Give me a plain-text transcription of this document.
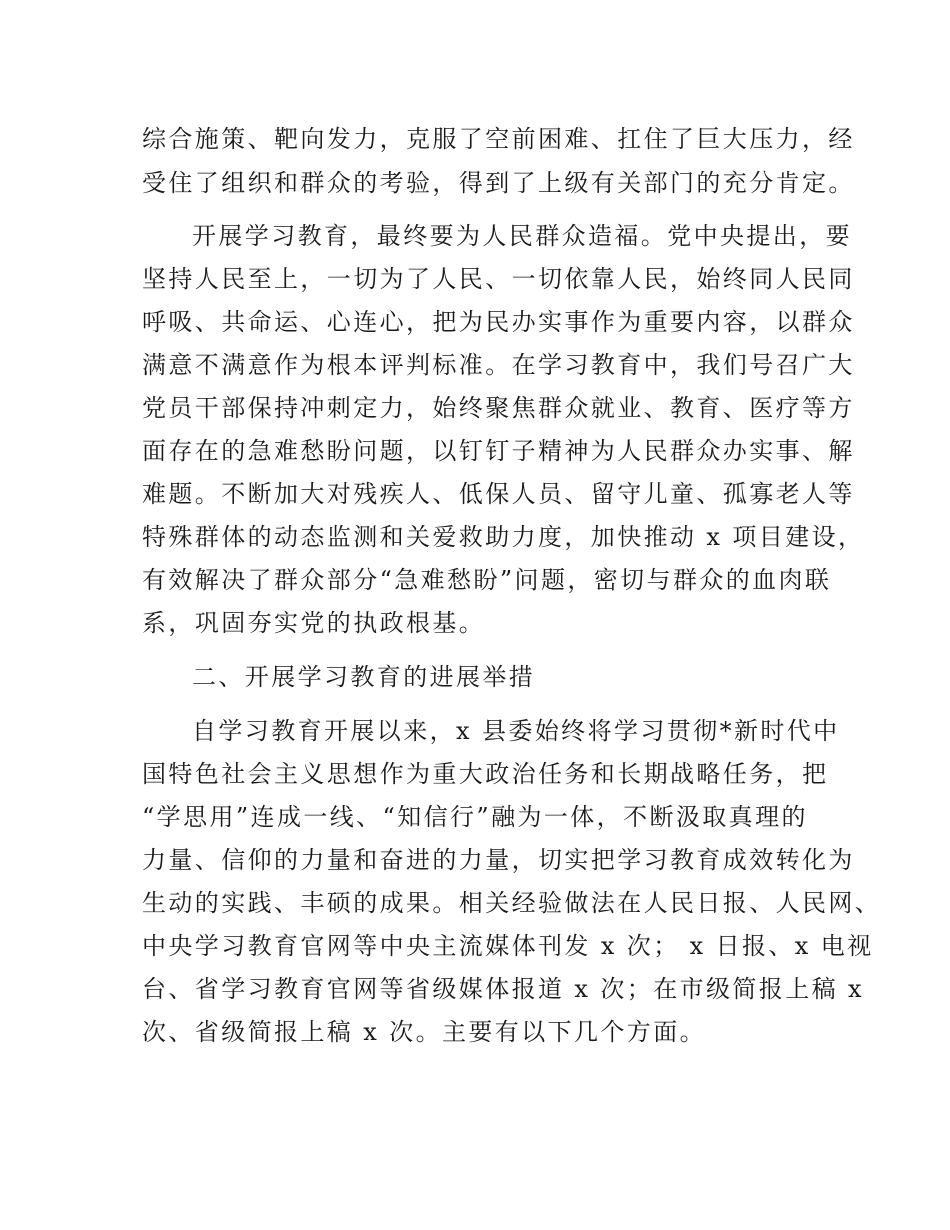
综合施策、靶向发力，克服了空前困难、扛住了巨大压力，经

受住了组织和群众的考验，得到了上级有关部门的充分肯定。

开展学习教育，最终要为人民群众造福。党中央提出，要

坚持人民至上，一切为了人民、一切依靠人民，始终同人民同

呼吸、共命运、心连心，把为民办实事作为重要内容，以群众

满意不满意作为根本评判标准。在学习教育中，我们号召广大

党员干部保持冲刺定力，始终聚焦群众就业、教育、医疗等方

面存在的急难愁盼问题，以钉钉子精神为人民群众办实事、解

难题。不断加大对残疾人、低保人员、留守儿童、孤寡老人等

特殊群体的动态监测和关爱救助力度，加快推动 x 项目建设，

有效解决了群众部分“急难愁盼”问题，密切与群众的血肉联

系，巩固夯实党的执政根基。

二、开展学习教育的进展举措

自学习教育开展以来，x 县委始终将学习贯彻*新时代中

国特色社会主义思想作为重大政治任务和长期战略任务，把

“学思用”连成一线、“知信行”融为一体，不断汲取真理的

力量、信仰的力量和奋进的力量，切实把学习教育成效转化为

生动的实践、丰硕的成果。相关经验做法在人民日报、人民网、

中央学习教育官网等中央主流媒体刊发 x 次； x 日报、x 电视

台、省学习教育官网等省级媒体报道 x 次；在市级简报上稿 x

次、省级简报上稿 x 次。主要有以下几个方面。
